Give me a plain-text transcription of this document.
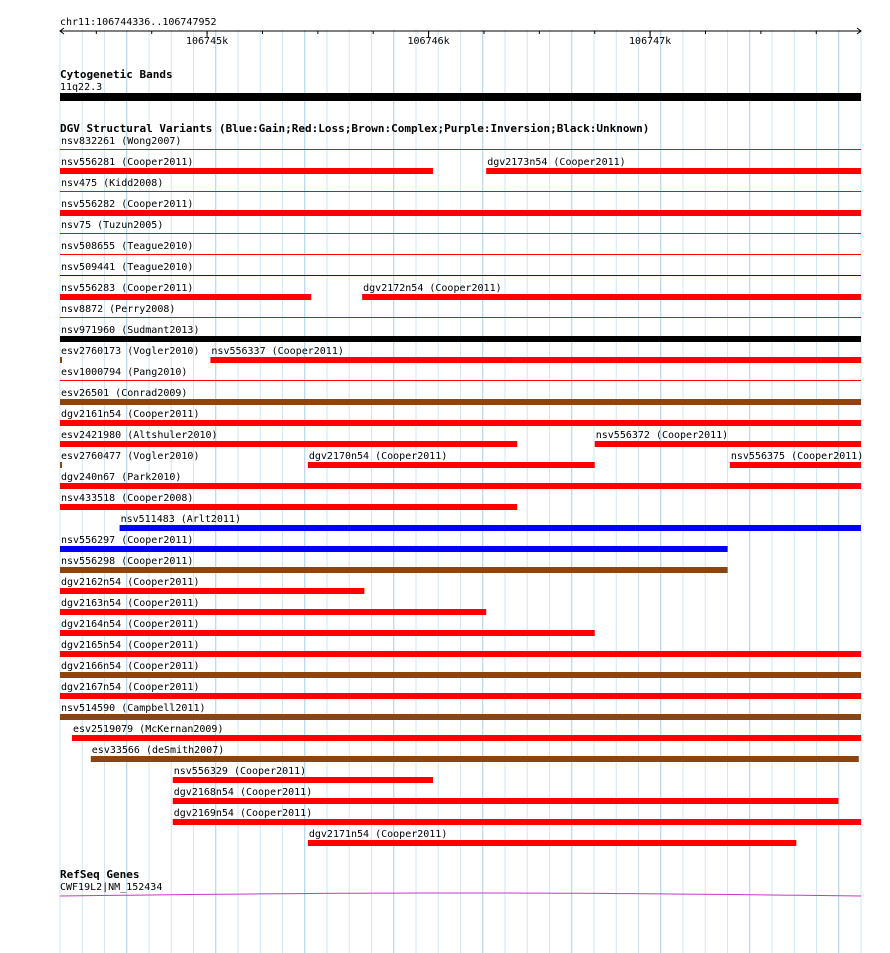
chr11:106744336..106747952
106745k	106746k	106747k
Cytogenetic Bands
11q22.3
DGV Structural Variants (Blue:Gain;Red:Loss;Brown:Complex;Purple:Inversion;Black:Unknown)
nsv832261 (Wong2007)
nsv556281 (Cooper2011)	dgv2173n54 (Cooper2011)
nsv475 (Kidd2008)
nsv556282 (Cooper2011)
nsv75 (Tuzun2005)
nsv508655 (Teague2010)
nsv509441 (Teague2010)
nsv556283 (Cooper2011)	dgv2172n54 (Cooper2011)
nsv8872 (Perry2008)
nsv971960 (Sudmant2013)
esv2760173 (Vogler2010) nsv556337 (Cooper2011)
esv1000794 (Pang2010)
esv26501 (Conrad2009)
dgv2161n54 (Cooper2011)
esv2421980 (Altshuler2010)	nsv556372 (Cooper2011)
esv2760477 (Vogler2010)	dgv2170n54 (Cooper2011)	nsv556375 (Cooper2011)
dgv240n67 (Park2010)
nsv433518 (Cooper2008)
nsv511483 (Arlt2011)
nsv556297 (Cooper2011)
nsv556298 (Cooper2011)
dgv2162n54 (Cooper2011)
dgv2163n54 (Cooper2011)
dgv2164n54 (Cooper2011)
dgv2165n54 (Cooper2011)
dgv2166n54 (Cooper2011)
dgv2167n54 (Cooper2011)
nsv514590 (Campbell2011)
esv2519079 (McKernan2009)
esv33566 (deSmith2007)
nsv556329 (Cooper2011)
dgv2168n54 (Cooper2011)
dgv2169n54 (Cooper2011)
dgv2171n54 (Cooper2011)
RefSeq Genes
CWF19L2|NM_152434
